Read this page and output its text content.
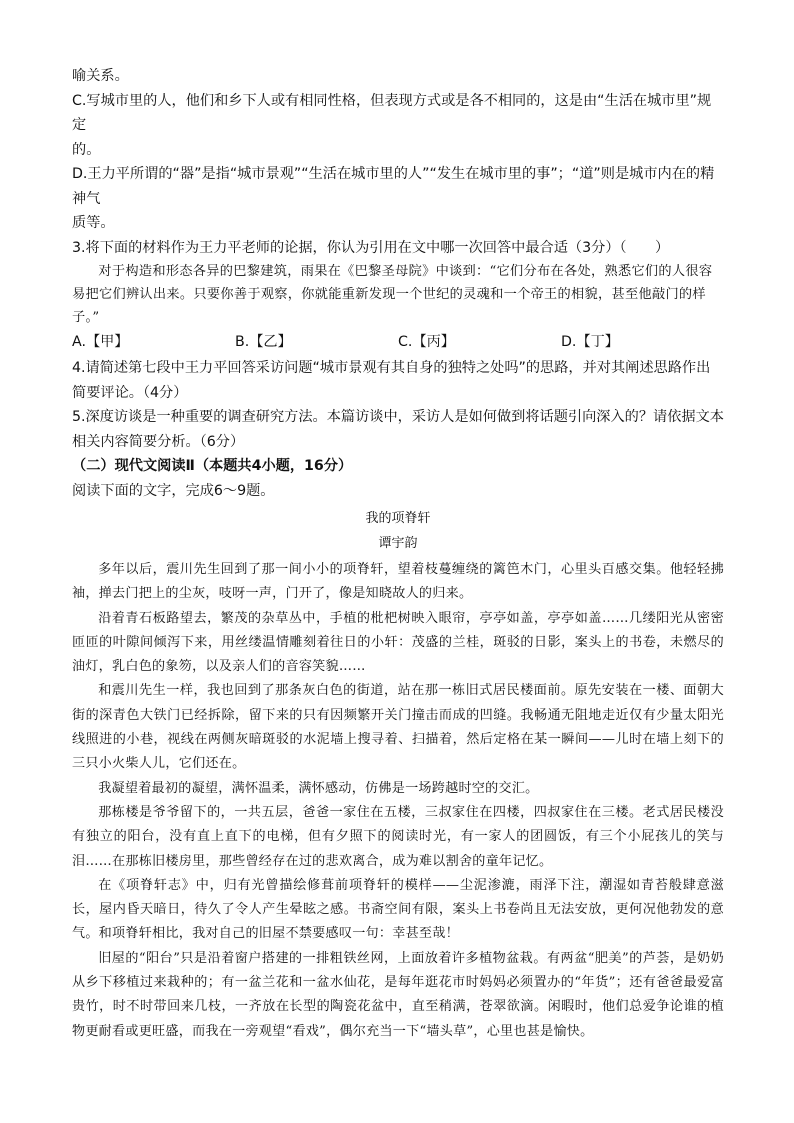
喻关系。

C.写城市里的人，他们和乡下人或有相同性格，但表现方式或是各不相同的，这是由“生活在城市里”规定

的。

D.王力平所谓的“器”是指“城市景观”“生活在城市里的人”“发生在城市里的事”；“道”则是城市内在的精神气

质等。

3.将下面的材料作为王力平老师的论据，你认为引用在文中哪一次回答中最合适（3分）（　　）

对于构造和形态各异的巴黎建筑，雨果在《巴黎圣母院》中谈到：“它们分布在各处，熟悉它们的人很容易把它们辨认出来。只要你善于观察，你就能重新发现一个世纪的灵魂和一个帝王的相貌，甚至他敲门的样子。”

A.【甲】	B.【乙】	C.【丙】	D.【丁】

4.请简述第七段中王力平回答采访问题“城市景观有其自身的独特之处吗”的思路，并对其阐述思路作出简要评论。（4分）

5.深度访谈是一种重要的调查研究方法。本篇访谈中，采访人是如何做到将话题引向深入的？请依据文本相关内容简要分析。（6分）

（二）现代文阅读Ⅱ（本题共4小题，16分）

阅读下面的文字，完成6～9题。

我的项脊轩

谭宇韵

多年以后，震川先生回到了那一间小小的项脊轩，望着枝蔓缠绕的篱笆木门，心里头百感交集。他轻轻拂袖，掸去门把上的尘灰，吱呀一声，门开了，像是知晓故人的归来。

沿着青石板路望去，繁茂的杂草丛中，手植的枇杷树映入眼帘，亭亭如盖，亭亭如盖……几缕阳光从密密匝匝的叶隙间倾泻下来，用丝缕温情雕刻着往日的小轩：茂盛的兰桂，斑驳的日影，案头上的书卷，未燃尽的油灯，乳白色的象笏，以及亲人们的音容笑貌……

和震川先生一样，我也回到了那条灰白色的街道，站在那一栋旧式居民楼面前。原先安装在一楼、面朝大街的深青色大铁门已经拆除，留下来的只有因频繁开关门撞击而成的凹缝。我畅通无阻地走近仅有少量太阳光线照进的小巷，视线在两侧灰暗斑驳的水泥墙上搜寻着、扫描着，然后定格在某一瞬间——儿时在墙上刻下的三只小火柴人儿，它们还在。

我凝望着最初的凝望，满怀温柔，满怀感动，仿佛是一场跨越时空的交汇。

那栋楼是爷爷留下的，一共五层，爸爸一家住在五楼，三叔家住在四楼，四叔家住在三楼。老式居民楼没有独立的阳台，没有直上直下的电梯，但有夕照下的阅读时光，有一家人的团圆饭，有三个小屁孩儿的笑与泪……在那栋旧楼房里，那些曾经存在过的悲欢离合，成为难以割舍的童年记忆。

在《项脊轩志》中，归有光曾描绘修葺前项脊轩的模样——尘泥渗漉，雨泽下注，潮湿如青苔般肆意滋长，屋内昏天暗日，待久了令人产生晕眩之感。书斋空间有限，案头上书卷尚且无法安放，更何况他勃发的意气。和项脊轩相比，我对自己的旧屋不禁要感叹一句：幸甚至哉！

旧屋的“阳台”只是沿着窗户搭建的一排粗铁丝网，上面放着许多植物盆栽。有两盆“肥美”的芦荟，是奶奶从乡下移植过来栽种的；有一盆兰花和一盆水仙花，是每年逛花市时妈妈必须置办的“年货”；还有爸爸最爱富贵竹，时不时带回来几枝，一齐放在长型的陶瓷花盆中，直至稍满，苍翠欲滴。闲暇时，他们总爱争论谁的植物更耐看或更旺盛，而我在一旁观望“看戏”，偶尔充当一下“墙头草”，心里也甚是愉快。
